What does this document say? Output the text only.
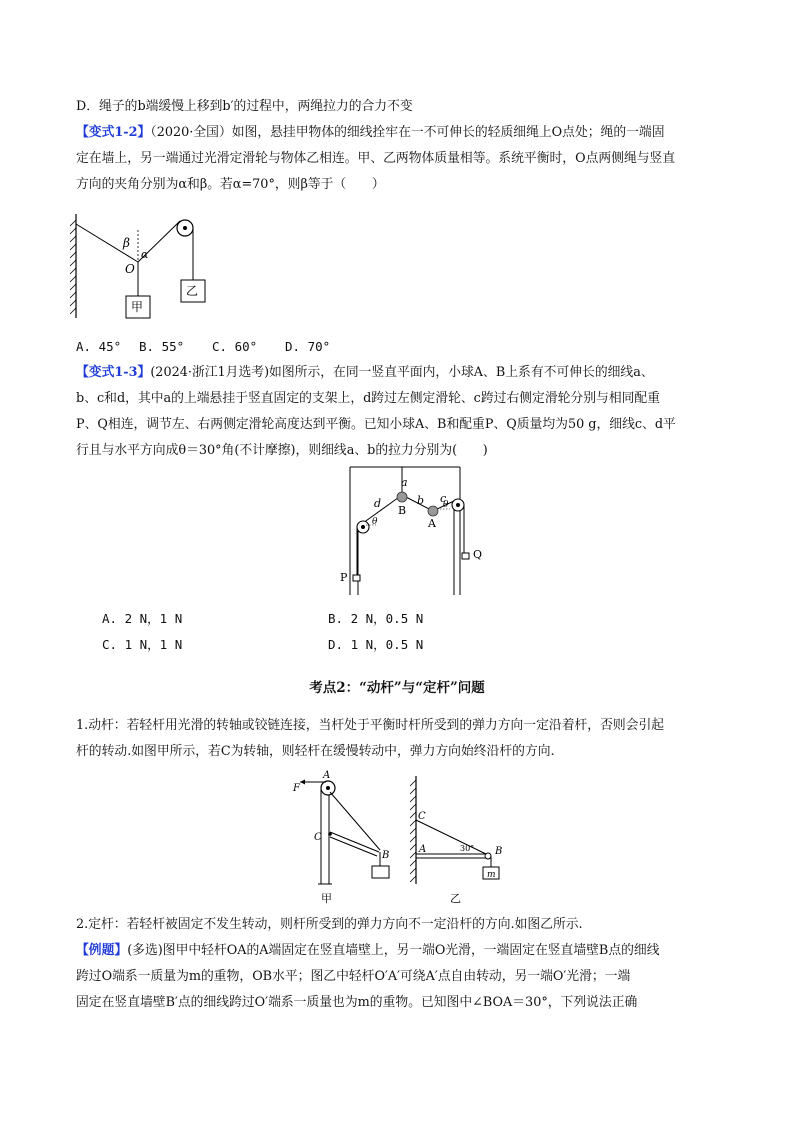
D．绳子的b端缓慢上移到b′的过程中，两绳拉力的合力不变
【变式1-2】（2020·全国）如图，悬挂甲物体的细线拴牢在一不可伸长的轻质细绳上O点处；绳的一端固
定在墙上，另一端通过光滑定滑轮与物体乙相连。甲、乙两物体质量相等。系统平衡时，O点两侧绳与竖直
方向的夹角分别为α和β。若α=70°，则β等于（　　）
β
α
O
甲
乙
A. 45° B. 55° C. 60° D. 70°
【变式1-3】(2024·浙江1月选考)如图所示，在同一竖直平面内，小球A、B上系有不可伸长的细线a、
b、c和d，其中a的上端悬挂于竖直固定的支架上，d跨过左侧定滑轮、c跨过右侧定滑轮分别与相同配重
P、Q相连，调节左、右两侧定滑轮高度达到平衡。已知小球A、B和配重P、Q质量均为50 g，细线c、d平
行且与水平方向成θ＝30°角(不计摩擦)，则细线a、b的拉力分别为(　　)
a
d	b c
B
A
θ
θ
P
Q
A. 2 N，1 N	B. 2 N，0.5 N
C. 1 N，1 N	D. 1 N，0.5 N
考点2：“动杆”与“定杆”问题
1.动杆：若轻杆用光滑的转轴或铰链连接，当杆处于平衡时杆所受到的弹力方向一定沿着杆，否则会引起
杆的转动.如图甲所示，若C为转轴，则轻杆在缓慢转动中，弹力方向始终沿杆的方向.
F
A
C
B
甲
C
A	30° B
m
乙
2.定杆：若轻杆被固定不发生转动，则杆所受到的弹力方向不一定沿杆的方向.如图乙所示.
【例题】(多选)图甲中轻杆OA的A端固定在竖直墙壁上，另一端O光滑，一端固定在竖直墙壁B点的细线
跨过O端系一质量为m的重物，OB水平；图乙中轻杆O′A′可绕A′点自由转动，另一端O′光滑；一端
固定在竖直墙壁B′点的细线跨过O′端系一质量也为m的重物。已知图中∠BOA＝30°，下列说法正确
